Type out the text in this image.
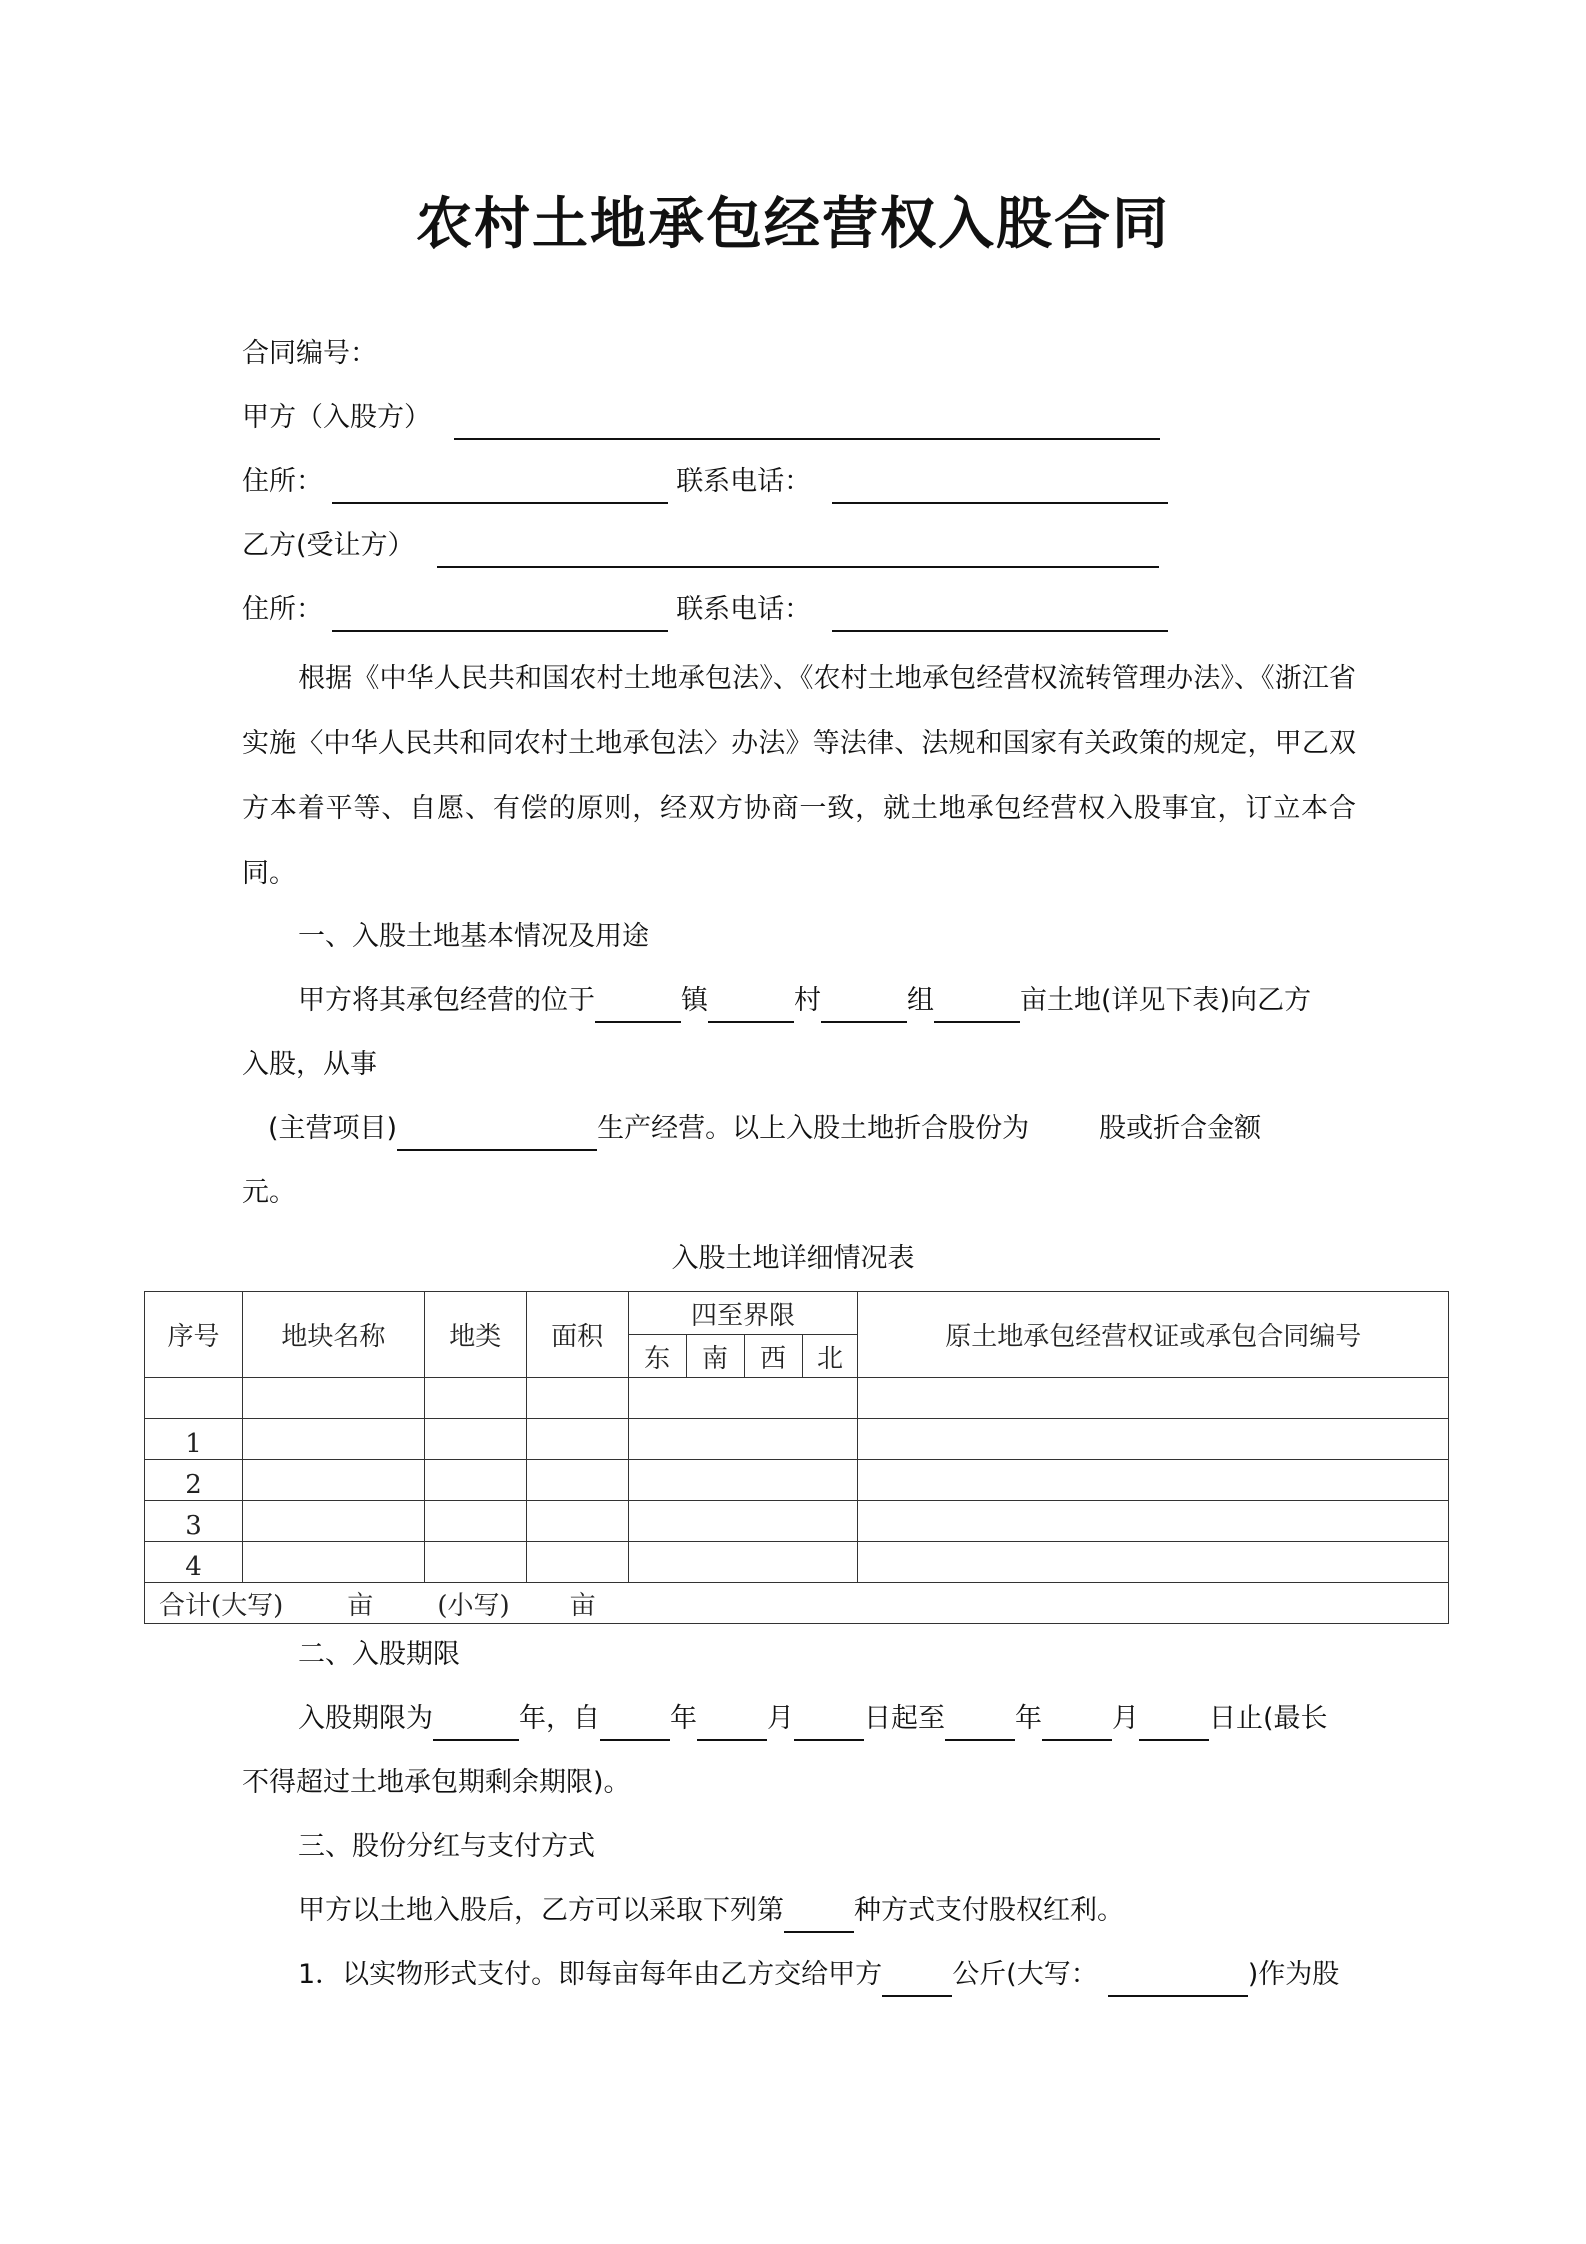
农村土地承包经营权入股合同
合同编号：
甲方（入股方）
住所：	联系电话：
乙方(受让方）
住所：	联系电话：
根据《中华人民共和国农村土地承包法》、《农村土地承包经营权流转管理办法》、《浙江省实施〈中华人民共和同农村土地承包法〉办法》等法律、法规和国家有关政策的规定，甲乙双方本着平等、自愿、有偿的原则，经双方协商一致，就土地承包经营权入股事宜，订立本合同。
一、入股土地基本情况及用途
甲方将其承包经营的位于	镇	村	组	亩土地(详见下表)向乙方
入股，从事
(主营项目)	生产经营。以上入股土地折合股份为	股或折合金额
元。
入股土地详细情况表
序号	地块名称	地类	面积	四至界限				原土地承包经营权证或承包合同编号
				东	南	西	北	

1								
2								
3								
4								
合计(大写) 亩 (小写) 亩								
二、入股期限
入股期限为	年，自	年	月	日起至	年	月	日止(最长
不得超过土地承包期剩余期限)。
三、股份分红与支付方式
甲方以土地入股后，乙方可以采取下列第	种方式支付股权红利。
1．以实物形式支付。即每亩每年由乙方交给甲方	公斤(大写：	)作为股
